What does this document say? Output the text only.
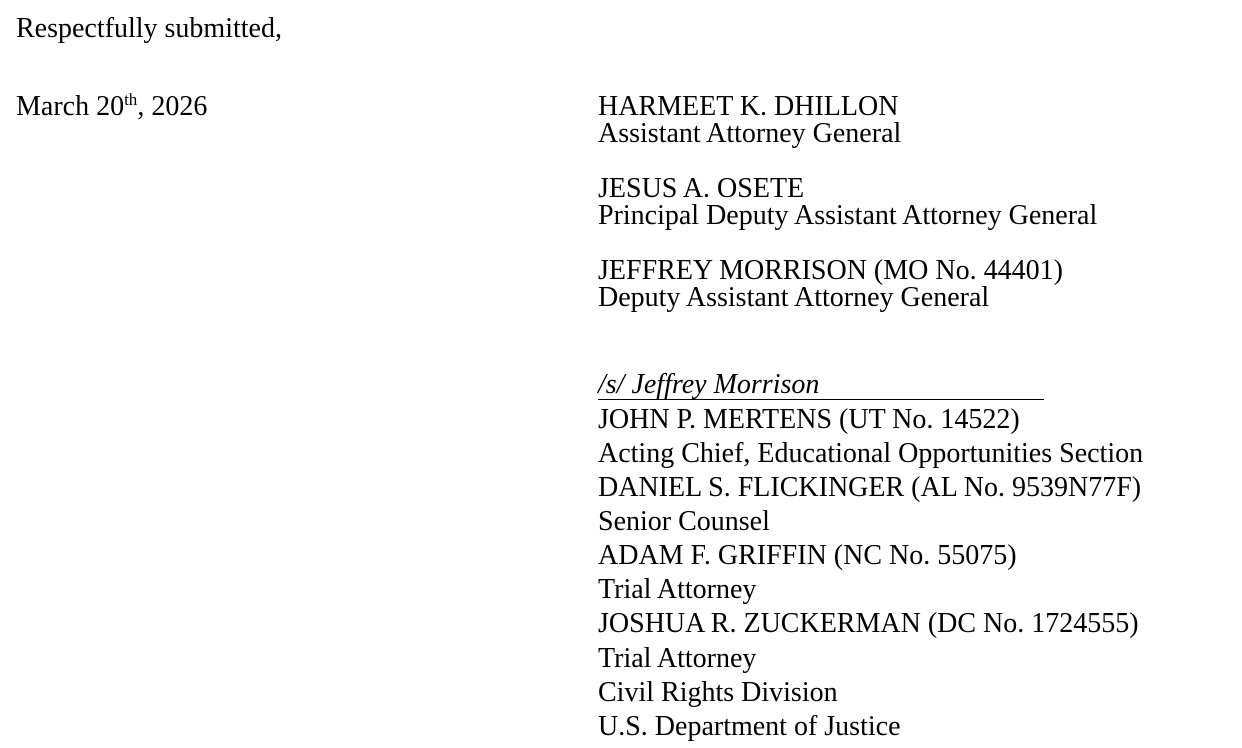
Respectfully submitted,
March 20th, 2026	HARMEET K. DHILLON
Assistant Attorney General
JESUS A. OSETE
Principal Deputy Assistant Attorney General
JEFFREY MORRISON (MO No. 44401)
Deputy Assistant Attorney General
/s/ Jeffrey Morrison
JOHN P. MERTENS (UT No. 14522)
Acting Chief, Educational Opportunities Section
DANIEL S. FLICKINGER (AL No. 9539N77F)
Senior Counsel
ADAM F. GRIFFIN (NC No. 55075)
Trial Attorney
JOSHUA R. ZUCKERMAN (DC No. 1724555)
Trial Attorney
Civil Rights Division
U.S. Department of Justice
